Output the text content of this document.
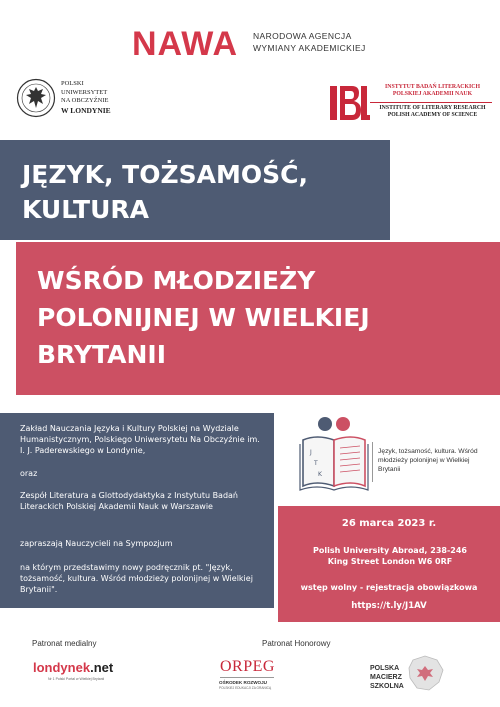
NAWA NARODOWA AGENCJA
WYMIANY AKADEMICKIEJ
POLSKI
UNIWERSYTET
NA OBCZYŹNIE
W LONDYNIE
INSTYTUT BADAŃ LITERACKICH
POLSKIEJ AKADEMII NAUK
INSTITUTE OF LITERARY RESEARCH
POLISH ACADEMY OF SCIENCE
JĘZYK, TOŻSAMOŚĆ,
KULTURA
WŚRÓD MŁODZIEŻY
POLONIJNEJ W WIELKIEJ
BRYTANII
Zakład Nauczania Języka i Kultury Polskiej na Wydziale Humanistycznym, Polskiego Uniwersytetu Na Obczyźnie im. I. J. Paderewskiego w Londynie,
oraz
Zespół Literatura a Glottodydaktyka z Instytutu Badań Literackich Polskiej Akademii Nauk w Warszawie
zapraszają Nauczycieli na Sympozjum
na którym przedstawimy nowy podręcznik pt. "Język, tożsamość, kultura. Wśród młodzieży polonijnej w Wielkiej Brytanii".
J
T
K
Język, tożsamość, kultura. Wśród młodzieży polonijnej w Wielkiej Brytanii
26 marca 2023 r.
Polish University Abroad, 238-246
King Street London W6 0RF
wstęp wolny - rejestracja obowiązkowa
https://t.ly/J1AV
Patronat medialny	Patronat Honorowy
londynek.net
Nr 1 Polski Portal w Wielkiej Brytanii
ORPEG
OŚRODEK ROZWOJU
POLSKIEJ EDUKACJI ZA GRANICĄ
POLSKA
MACIERZ
SZKOLNA
